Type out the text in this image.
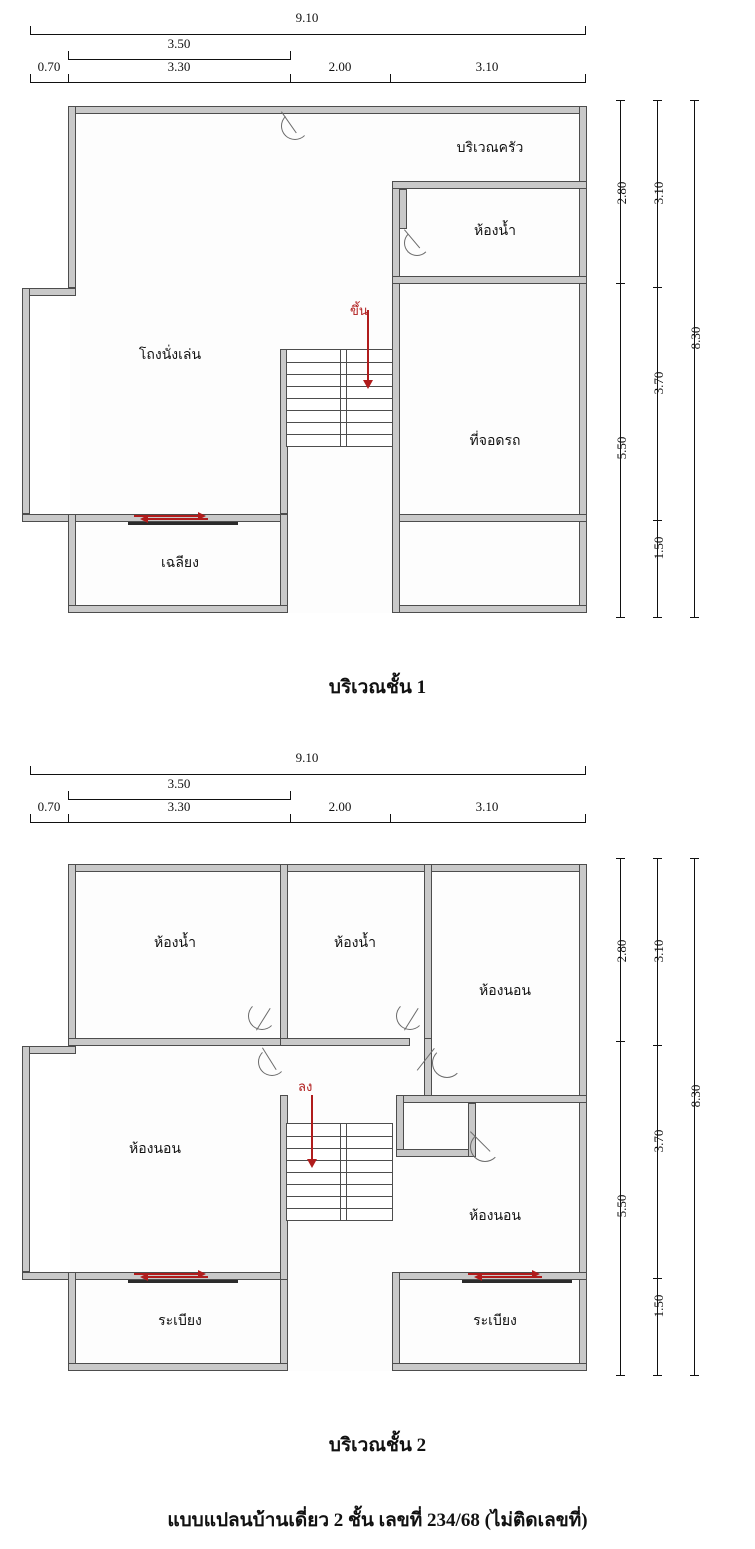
9.10
3.50
0.70	3.30	2.00	3.10
2.80
5.50
3.10
3.70
1.50
8.30
ขึ้น
บริเวณครัว
ห้องน้ำ
โถงนั่งเล่น
ที่จอดรถ
เฉลียง
บริเวณชั้น 1
9.10
3.50
0.70	3.30	2.00	3.10
2.80
5.50
3.10
3.70
1.50
8.30
ลง
ห้องน้ำ	ห้องน้ำ
ห้องนอน
ห้องนอน
ห้องนอน
ระเบียง	ระเบียง
บริเวณชั้น 2
แบบแปลนบ้านเดี่ยว 2 ชั้น เลขที่ 234/68 (ไม่ติดเลขที่)
